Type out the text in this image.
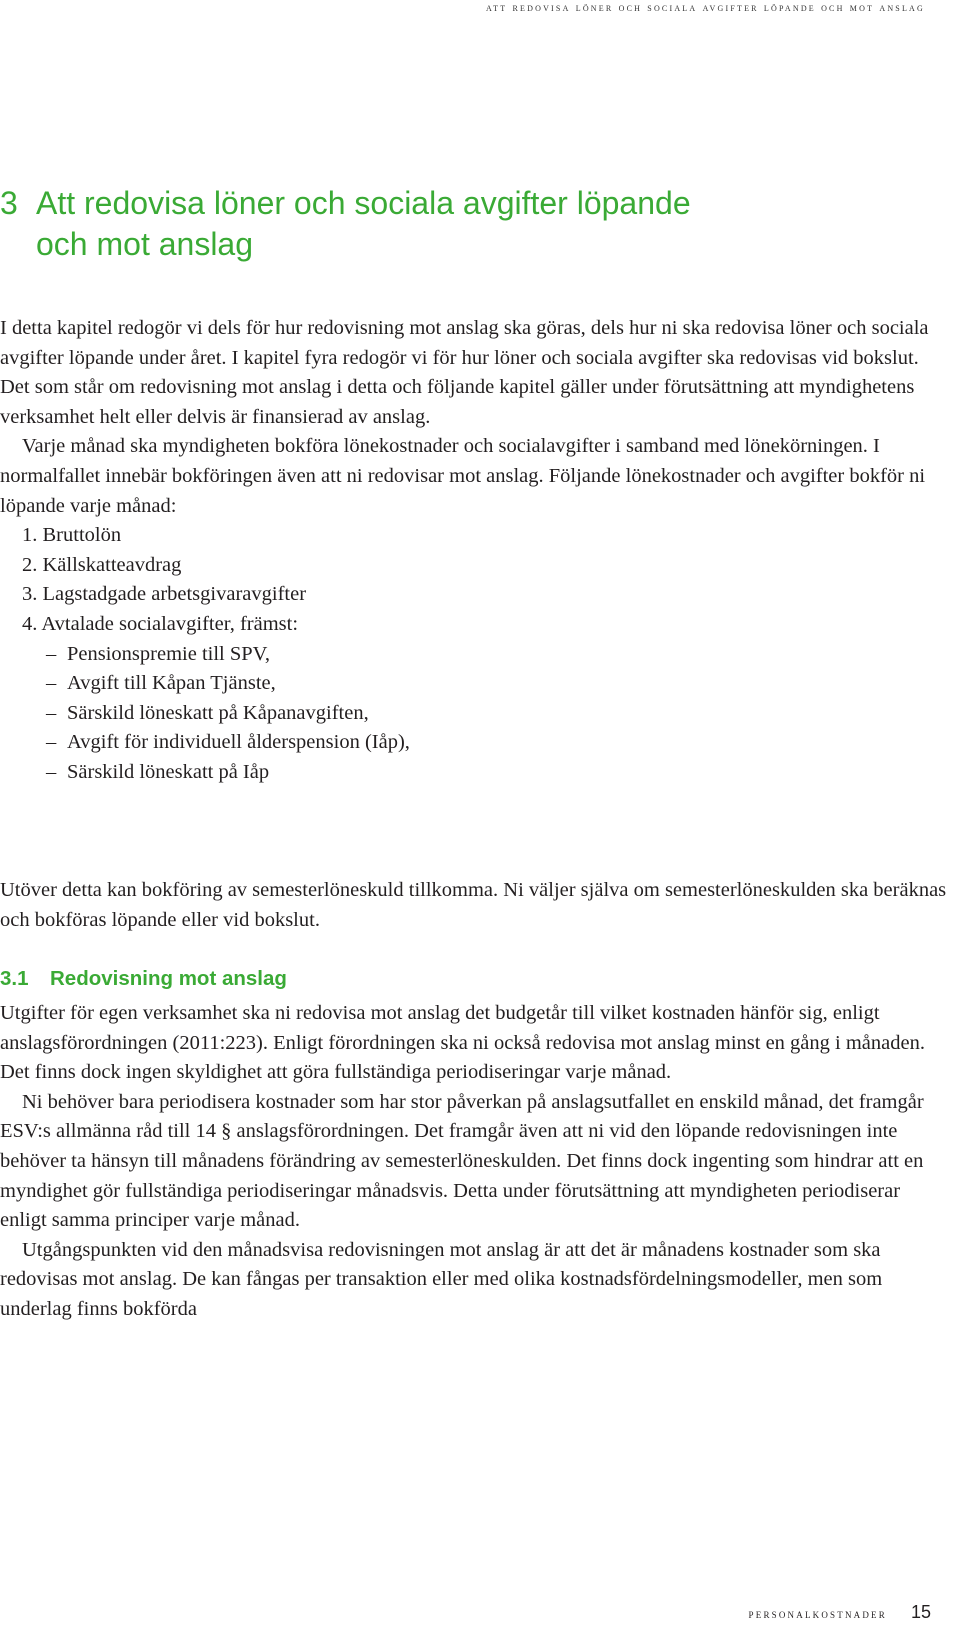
att redovisa löner och sociala avgifter löpande och mot anslag
3 Att redovisa löner och sociala avgifter löpande
och mot anslag

I detta kapitel redogör vi dels för hur redovisning mot anslag ska göras, dels hur ni ska redovisa löner och sociala avgifter löpande under året. I kapitel fyra redogör vi för hur löner och sociala avgifter ska redovisas vid bokslut. Det som står om redovisning mot anslag i detta och följande kapitel gäller under förutsättning att myndighetens verksamhet helt eller delvis är finansierad av anslag.

Varje månad ska myndigheten bokföra lönekostnader och socialavgifter i samband med lönekörningen. I normalfallet innebär bokföringen även att ni redovisar mot anslag. Följande lönekostnader och avgifter bokför ni löpande varje månad:

1. Bruttolön
2. Källskatteavdrag
3. Lagstadgade arbetsgivaravgifter
4. Avtalade socialavgifter, främst:
– Pensionspremie till SPV,
– Avgift till Kåpan Tjänste,
– Särskild löneskatt på Kåpanavgiften,
– Avgift för individuell ålderspension (Iåp),
– Särskild löneskatt på Iåp

Utöver detta kan bokföring av semesterlöneskuld tillkomma. Ni väljer själva om semesterlöneskulden ska beräknas och bokföras löpande eller vid bokslut.

3.1 Redovisning mot anslag

Utgifter för egen verksamhet ska ni redovisa mot anslag det budgetår till vilket kostnaden hänför sig, enligt anslagsförordningen (2011:223). Enligt förordningen ska ni också redovisa mot anslag minst en gång i månaden. Det finns dock ingen skyldighet att göra fullständiga periodiseringar varje månad.

Ni behöver bara periodisera kostnader som har stor påverkan på anslagsutfallet en enskild månad, det framgår ESV:s allmänna råd till 14 § anslagsförordningen. Det framgår även att ni vid den löpande redovisningen inte behöver ta hänsyn till månadens förändring av semesterlöneskulden. Det finns dock ingenting som hindrar att en myndighet gör fullständiga periodiseringar månadsvis. Detta under förutsättning att myndigheten periodiserar enligt samma principer varje månad.

Utgångspunkten vid den månadsvisa redovisningen mot anslag är att det är månadens kostnader som ska redovisas mot anslag. De kan fångas per transaktion eller med olika kostnadsfördelningsmodeller, men som underlag finns bokförda

personalkostnader 15
